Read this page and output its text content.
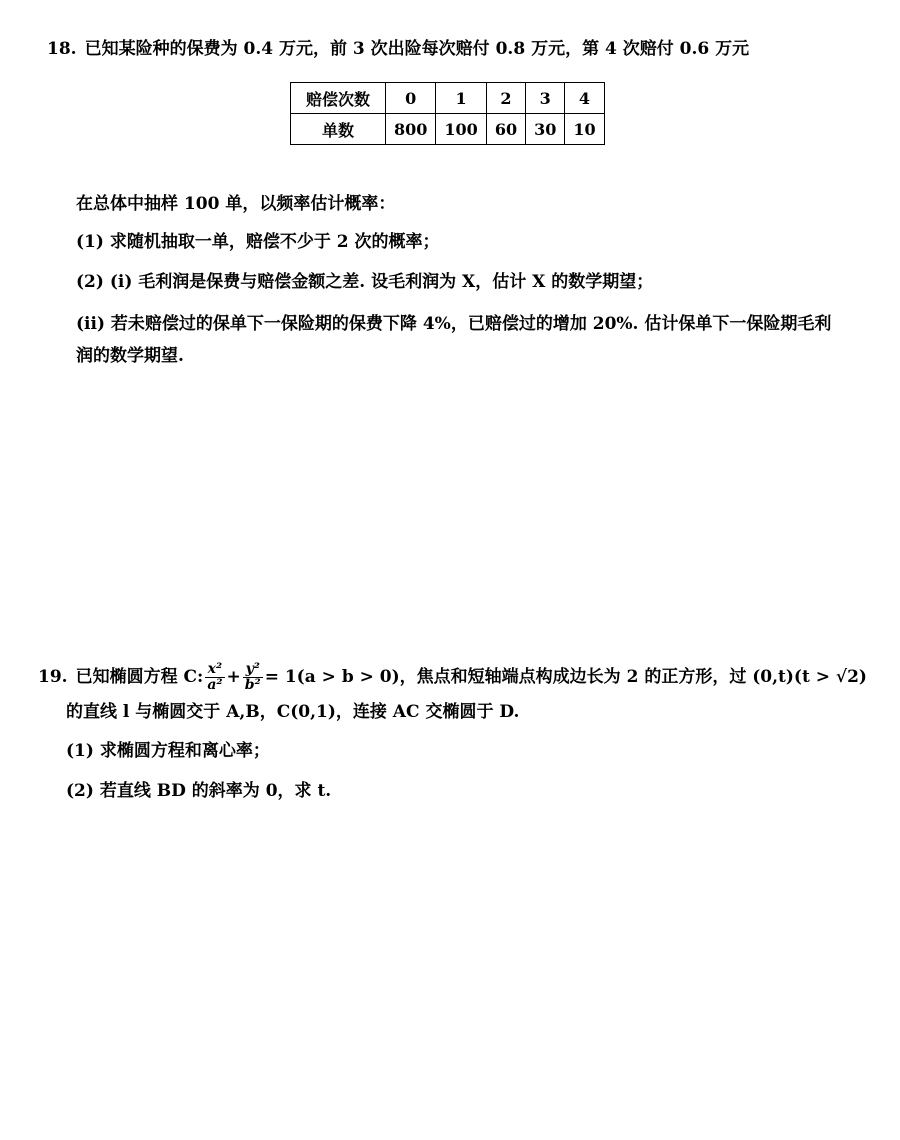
18. 已知某险种的保费为 0.4 万元，前 3 次出险每次赔付 0.8 万元，第 4 次赔付 0.6 万元
赔偿次数	0	1	2	3	4
单数	800	100	60	30	10
在总体中抽样 100 单，以频率估计概率：
(1) 求随机抽取一单，赔偿不少于 2 次的概率；
(2) (i) 毛利润是保费与赔偿金额之差. 设毛利润为 X，估计 X 的数学期望；
(ii) 若未赔偿过的保单下一保险期的保费下降 4%，已赔偿过的增加 20%. 估计保单下一保险期毛利
润的数学期望.
19. 已知椭圆方程 C: $\frac{\text{x²}}{\text{a²}} + \frac{\text{y²}}{\text{b²}} = 1(a > b > 0)$，焦点和短轴端点构成边长为 2 的正方形，过 (0,t)(t > √2)
的直线 l 与椭圆交于 A,B，C(0,1)，连接 AC 交椭圆于 D.
(1) 求椭圆方程和离心率；
(2) 若直线 BD 的斜率为 0，求 t.
